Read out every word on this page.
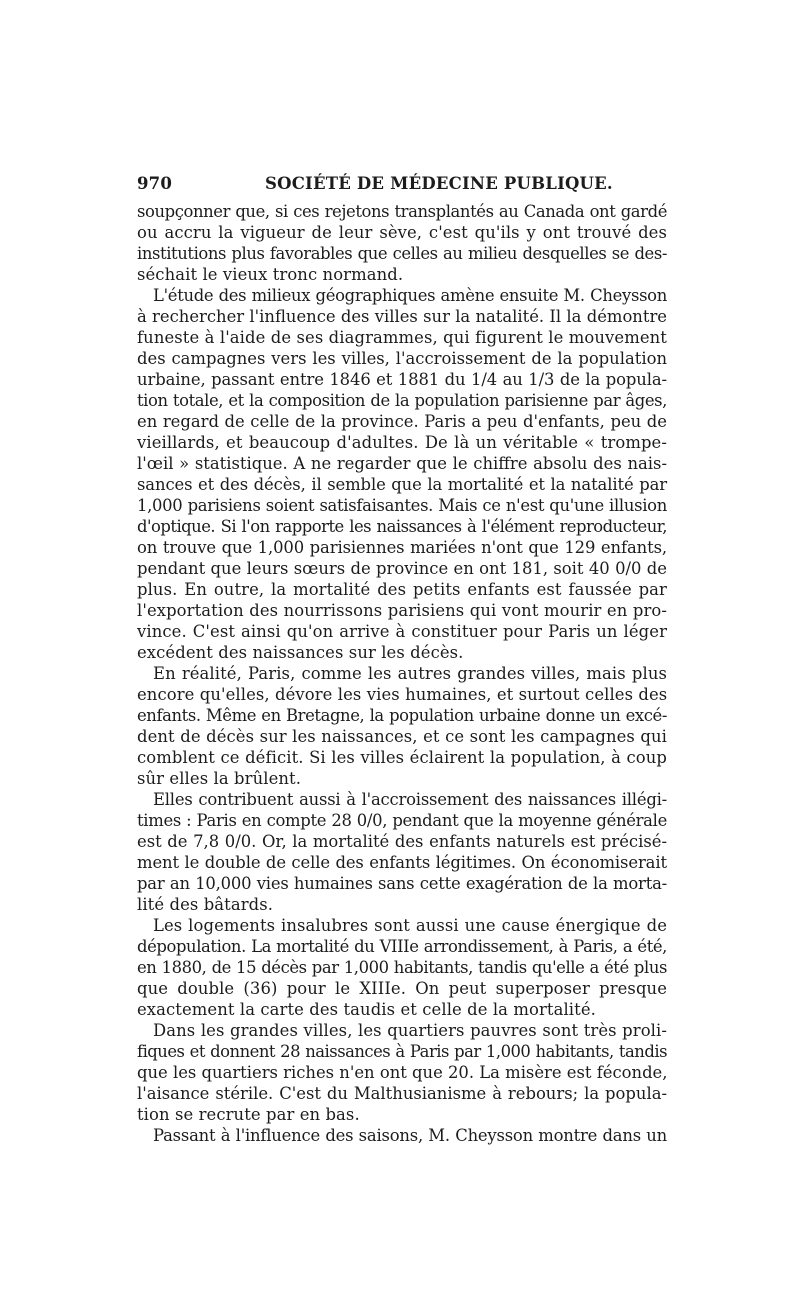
970	SOCIÉTÉ DE MÉDECINE PUBLIQUE.
soupçonner que, si ces rejetons transplantés au Canada ont gardé
ou accru la vigueur de leur sève, c'est qu'ils y ont trouvé des
institutions plus favorables que celles au milieu desquelles se des-
séchait le vieux tronc normand.
L'étude des milieux géographiques amène ensuite M. Cheysson
à rechercher l'influence des villes sur la natalité. Il la démontre
funeste à l'aide de ses diagrammes, qui figurent le mouvement
des campagnes vers les villes, l'accroissement de la population
urbaine, passant entre 1846 et 1881 du 1/4 au 1/3 de la popula-
tion totale, et la composition de la population parisienne par âges,
en regard de celle de la province. Paris a peu d'enfants, peu de
vieillards, et beaucoup d'adultes. De là un véritable « trompe-
l'œil » statistique. A ne regarder que le chiffre absolu des nais-
sances et des décès, il semble que la mortalité et la natalité par
1,000 parisiens soient satisfaisantes. Mais ce n'est qu'une illusion
d'optique. Si l'on rapporte les naissances à l'élément reproducteur,
on trouve que 1,000 parisiennes mariées n'ont que 129 enfants,
pendant que leurs sœurs de province en ont 181, soit 40 0/0 de
plus. En outre, la mortalité des petits enfants est faussée par
l'exportation des nourrissons parisiens qui vont mourir en pro-
vince. C'est ainsi qu'on arrive à constituer pour Paris un léger
excédent des naissances sur les décès.
En réalité, Paris, comme les autres grandes villes, mais plus
encore qu'elles, dévore les vies humaines, et surtout celles des
enfants. Même en Bretagne, la population urbaine donne un excé-
dent de décès sur les naissances, et ce sont les campagnes qui
comblent ce déficit. Si les villes éclairent la population, à coup
sûr elles la brûlent.
Elles contribuent aussi à l'accroissement des naissances illégi-
times : Paris en compte 28 0/0, pendant que la moyenne générale
est de 7,8 0/0. Or, la mortalité des enfants naturels est précisé-
ment le double de celle des enfants légitimes. On économiserait
par an 10,000 vies humaines sans cette exagération de la morta-
lité des bâtards.
Les logements insalubres sont aussi une cause énergique de
dépopulation. La mortalité du VIIIe arrondissement, à Paris, a été,
en 1880, de 15 décès par 1,000 habitants, tandis qu'elle a été plus
que double (36) pour le XIIIe. On peut superposer presque
exactement la carte des taudis et celle de la mortalité.
Dans les grandes villes, les quartiers pauvres sont très proli-
fiques et donnent 28 naissances à Paris par 1,000 habitants, tandis
que les quartiers riches n'en ont que 20. La misère est féconde,
l'aisance stérile. C'est du Malthusianisme à rebours; la popula-
tion se recrute par en bas.
Passant à l'influence des saisons, M. Cheysson montre dans un
